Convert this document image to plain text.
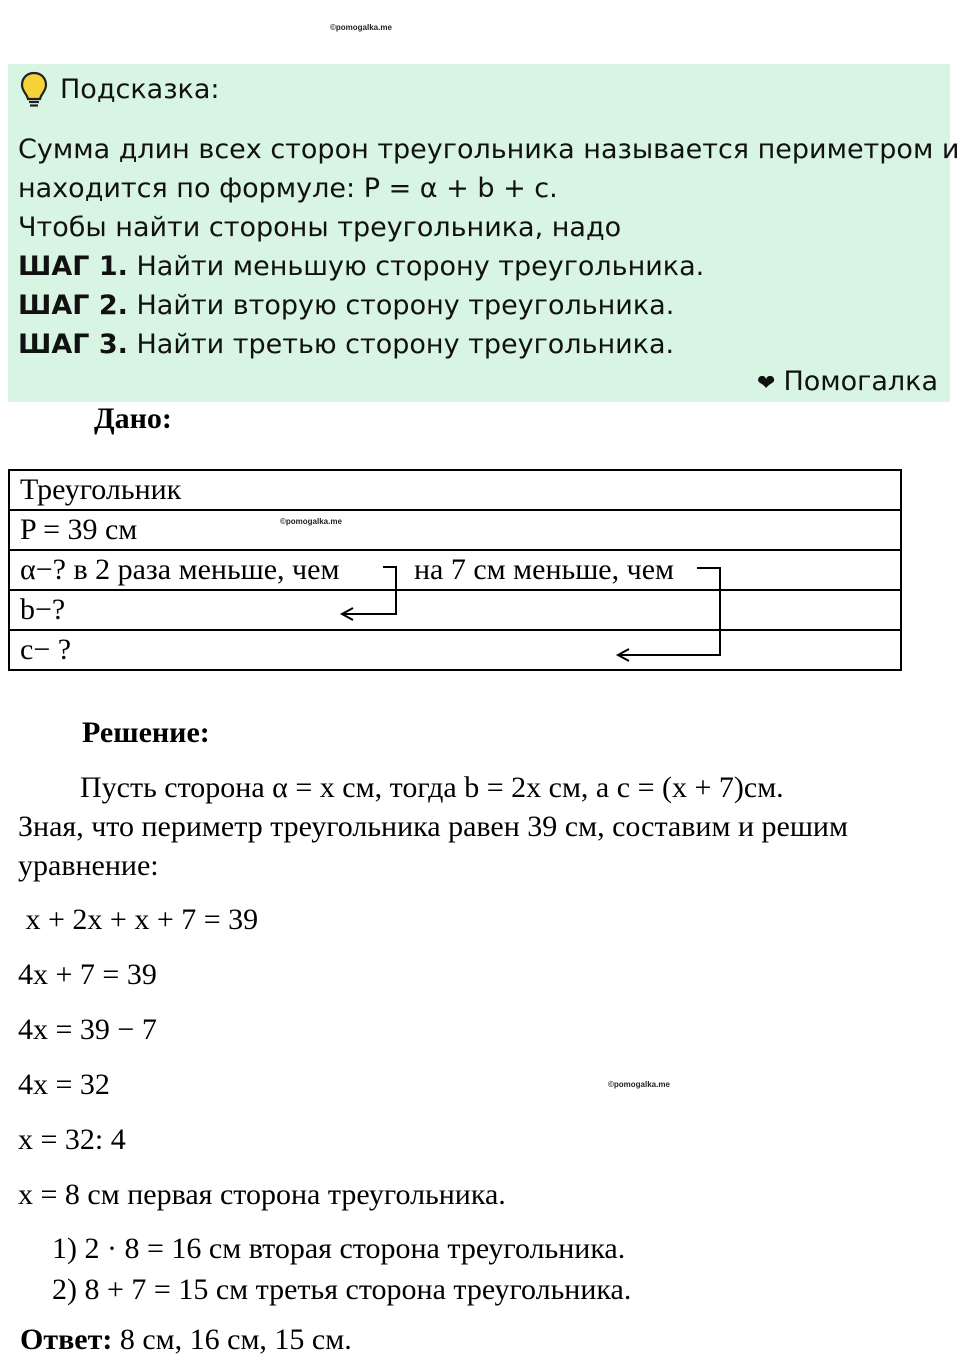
©pomogalka.me
Подсказка:
Сумма длин всех сторон треугольника называется периметром и
находится по формуле: P = α + b + c.
Чтобы найти стороны треугольника, надо
ШАГ 1. Найти меньшую сторону треугольника.
ШАГ 2. Найти вторую сторону треугольника.
ШАГ 3. Найти третью сторону треугольника.
❤ Помогалка
Дано:
Треугольник
P = 39 см
α−? в 2 раза меньше, чем на 7 см меньше, чем

b−?
c− ?
©pomogalka.me
Решение:
Пусть сторона α = x см, тогда b = 2x см, а c = (x + 7)см.
Зная, что периметр треугольника равен 39 см, составим и решим уравнение:
x + 2x + x + 7 = 39
4x + 7 = 39
4x = 39 − 7
4x = 32	©pomogalka.me
x = 32: 4
x = 8 см первая сторона треугольника.
1) 2 · 8 = 16 см вторая сторона треугольника.
2) 8 + 7 = 15 см третья сторона треугольника.
Ответ: 8 см, 16 см, 15 см.
